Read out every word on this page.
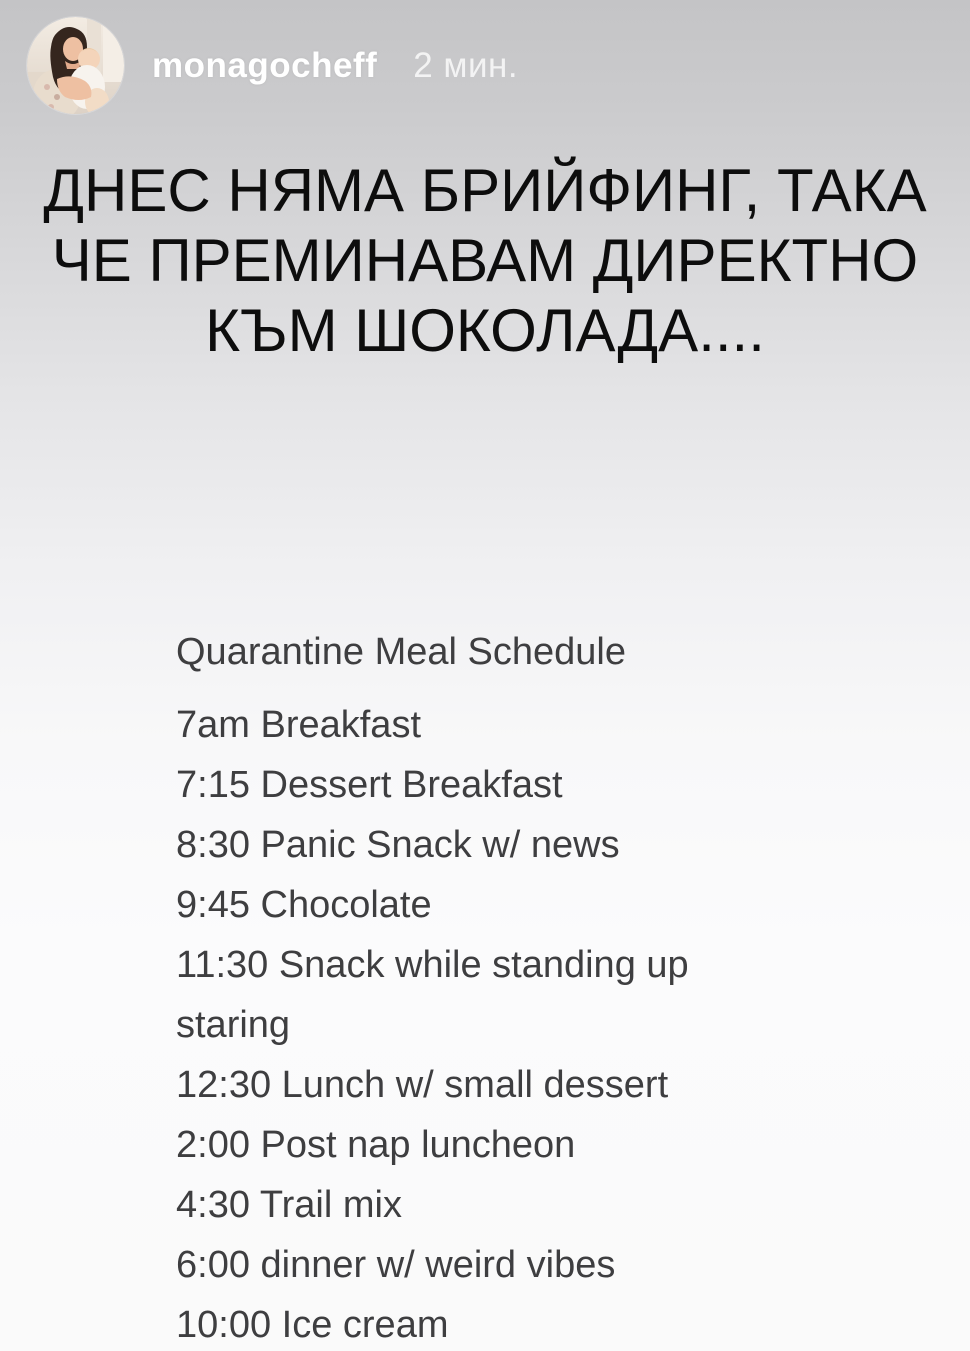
monagocheff 2 мин.
ДНЕС НЯМА БРИЙФИНГ, ТАКА
ЧЕ ПРЕМИНАВАМ ДИРЕКТНО
КЪМ ШОКОЛАДА....
Quarantine Meal Schedule
7am Breakfast
7:15 Dessert Breakfast
8:30 Panic Snack w/ news
9:45 Chocolate
11:30 Snack while standing up
staring
12:30 Lunch w/ small dessert
2:00 Post nap luncheon
4:30 Trail mix
6:00 dinner w/ weird vibes
10:00 Ice cream
